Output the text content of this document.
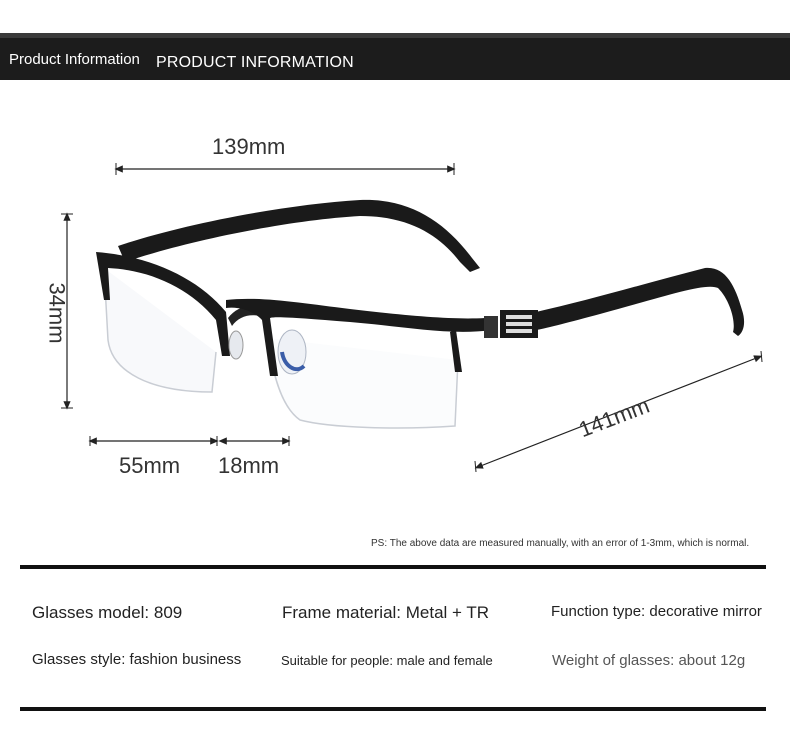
Product Information PRODUCT INFORMATION
139mm
34mm
55mm 18mm
141mm
PS: The above data are measured manually, with an error of 1-3mm, which is normal.
Glasses model: 809	Frame material: Metal + TR	Function type: decorative mirror
Glasses style: fashion business	Suitable for people: male and female	Weight of glasses: about 12g
